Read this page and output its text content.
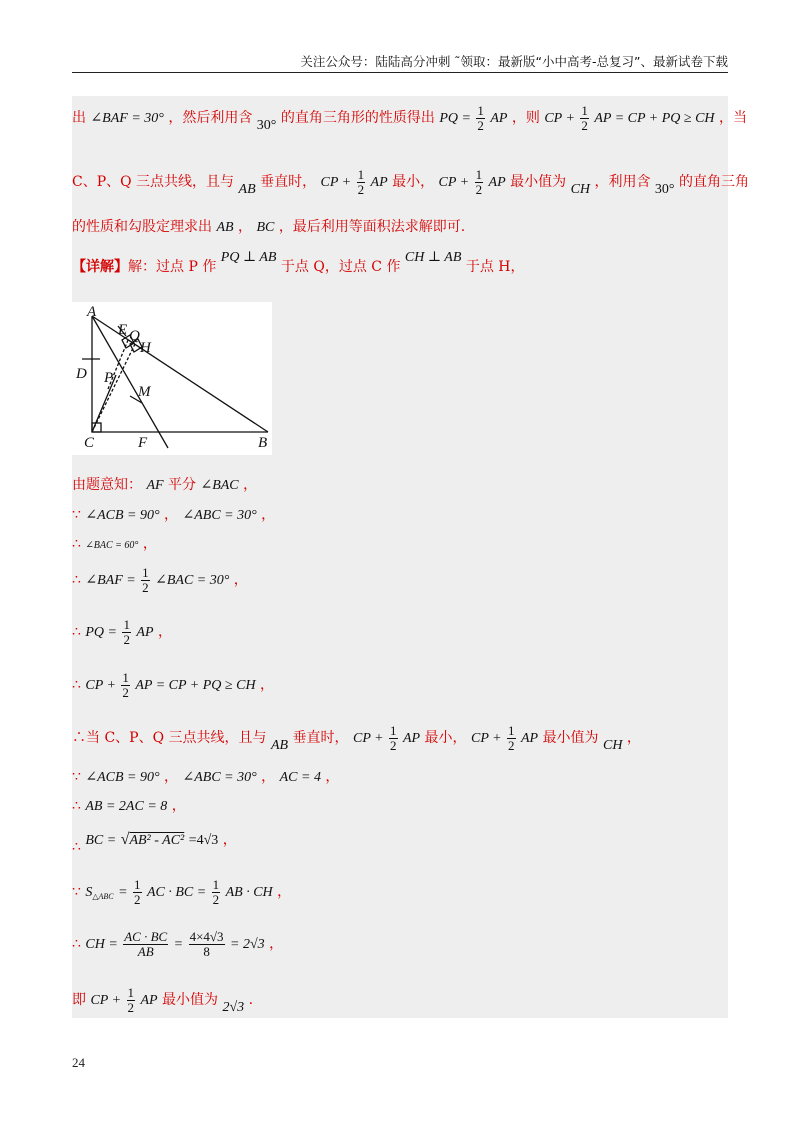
关注公众号：陆陆高分冲刺 ˜领取：最新版“小中高考-总复习”、最新试卷下载
出 ∠BAF = 30° ，然后利用含 30° 的直角三角形的性质得出 PQ = $\frac{1}{2}$ AP ，则 CP + $\frac{1}{2}$ AP = CP + PQ ≥ CH ，当
C、P、Q 三点共线，且与 AB 垂直时， CP + $\frac{1}{2}$ AP 最小， CP + $\frac{1}{2}$ AP 最小值为 CH ，利用含 30° 的直角三角
的性质和勾股定理求出 AB ， BC ，最后利用等面积法求解即可.
【详解】解：过点 P 作 PQ ⊥ AB 于点 Q，过点 C 作 CH ⊥ AB 于点 H，
由题意知： AF 平分 ∠BAC ，
∵ ∠ACB = 90° ， ∠ABC = 30° ，
∴ ∠BAC = 60° ，
∴ ∠BAF = $\frac{1}{2}$ ∠BAC = 30° ，
∴ PQ = $\frac{1}{2}$ AP ，
∴ CP + $\frac{1}{2}$ AP = CP + PQ ≥ CH ，
∴当 C、P、Q 三点共线，且与 AB 垂直时， CP + $\frac{1}{2}$ AP 最小， CP + $\frac{1}{2}$ AP 最小值为 CH ，
∵ ∠ACB = 90° ， ∠ABC = 30° ， AC = 4 ，
∴ AB = 2AC = 8 ，
∴ BC = √AB² - AC² =4√3 ，
∵ $S_{\triangle ABC} = \frac{1}{2}$ AC · BC = $\frac{1}{2}$ AB · CH ，
∴ CH = $\frac{AC \cdot BC}{AB} = \frac{4\times 4√3}{8} = 2√3$ ，
即 CP + $\frac{1}{2}$ AP 最小值为 2√3 .
A
E Q
H
D P
M
C	F	B
24
